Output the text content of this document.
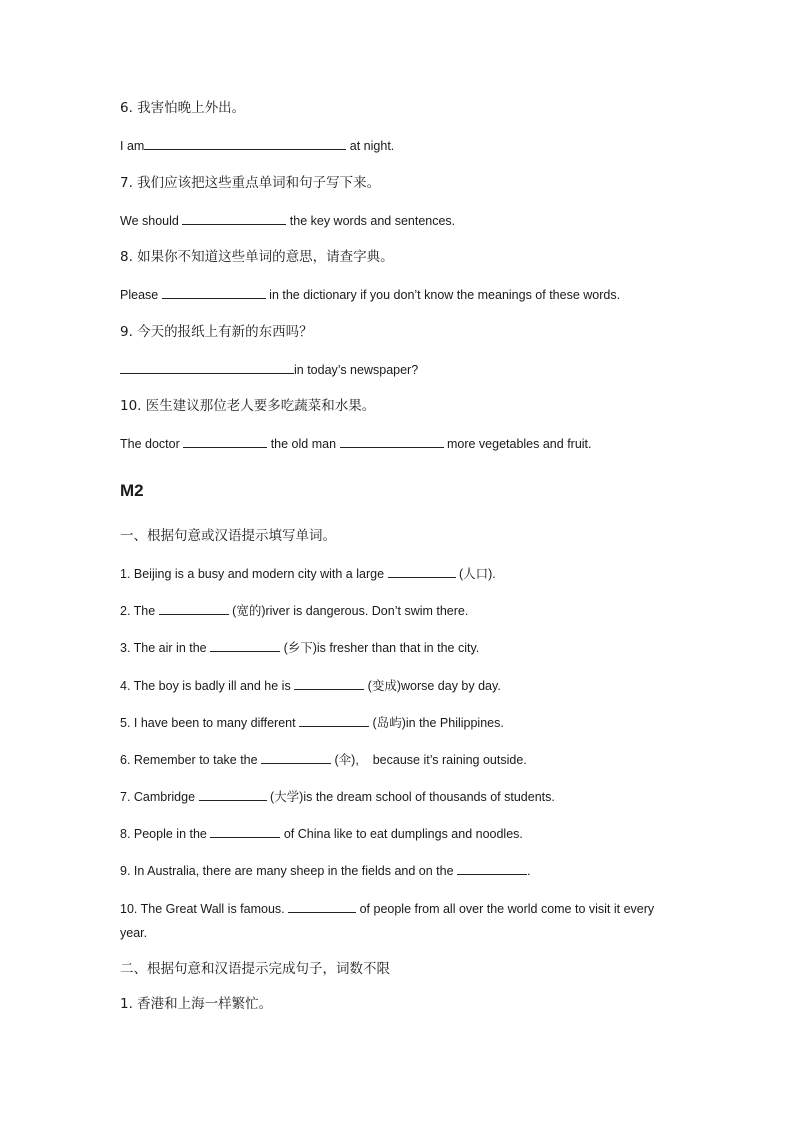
6. 我害怕晚上外出。
I am	at night.
7. 我们应该把这些重点单词和句子写下来。
We should	the key words and sentences.
8. 如果你不知道这些单词的意思，请查字典。
Please	in the dictionary if you don’t know the meanings of these words.
9. 今天的报纸上有新的东西吗？
in today’s newspaper?
10. 医生建议那位老人要多吃蔬菜和水果。
The doctor	the old man	more vegetables and fruit.
M2
一、根据句意或汉语提示填写单词。
1. Beijing is a busy and modern city with a large	(人口).
2. The	(宽的)river is dangerous. Don’t swim there.
3. The air in the	(乡下)is fresher than that in the city.
4. The boy is badly ill and he is	(变成)worse day by day.
5. I have been to many different	(岛屿)in the Philippines.
6. Remember to take the	(伞),    because it’s raining outside.
7. Cambridge	(大学)is the dream school of thousands of students.
8. People in the	of China like to eat dumplings and noodles.
9. In Australia, there are many sheep in the fields and on the	.
10. The Great Wall is famous.	of people from all over the world come to visit it every
year.
二、根据句意和汉语提示完成句子，词数不限
1. 香港和上海一样繁忙。
